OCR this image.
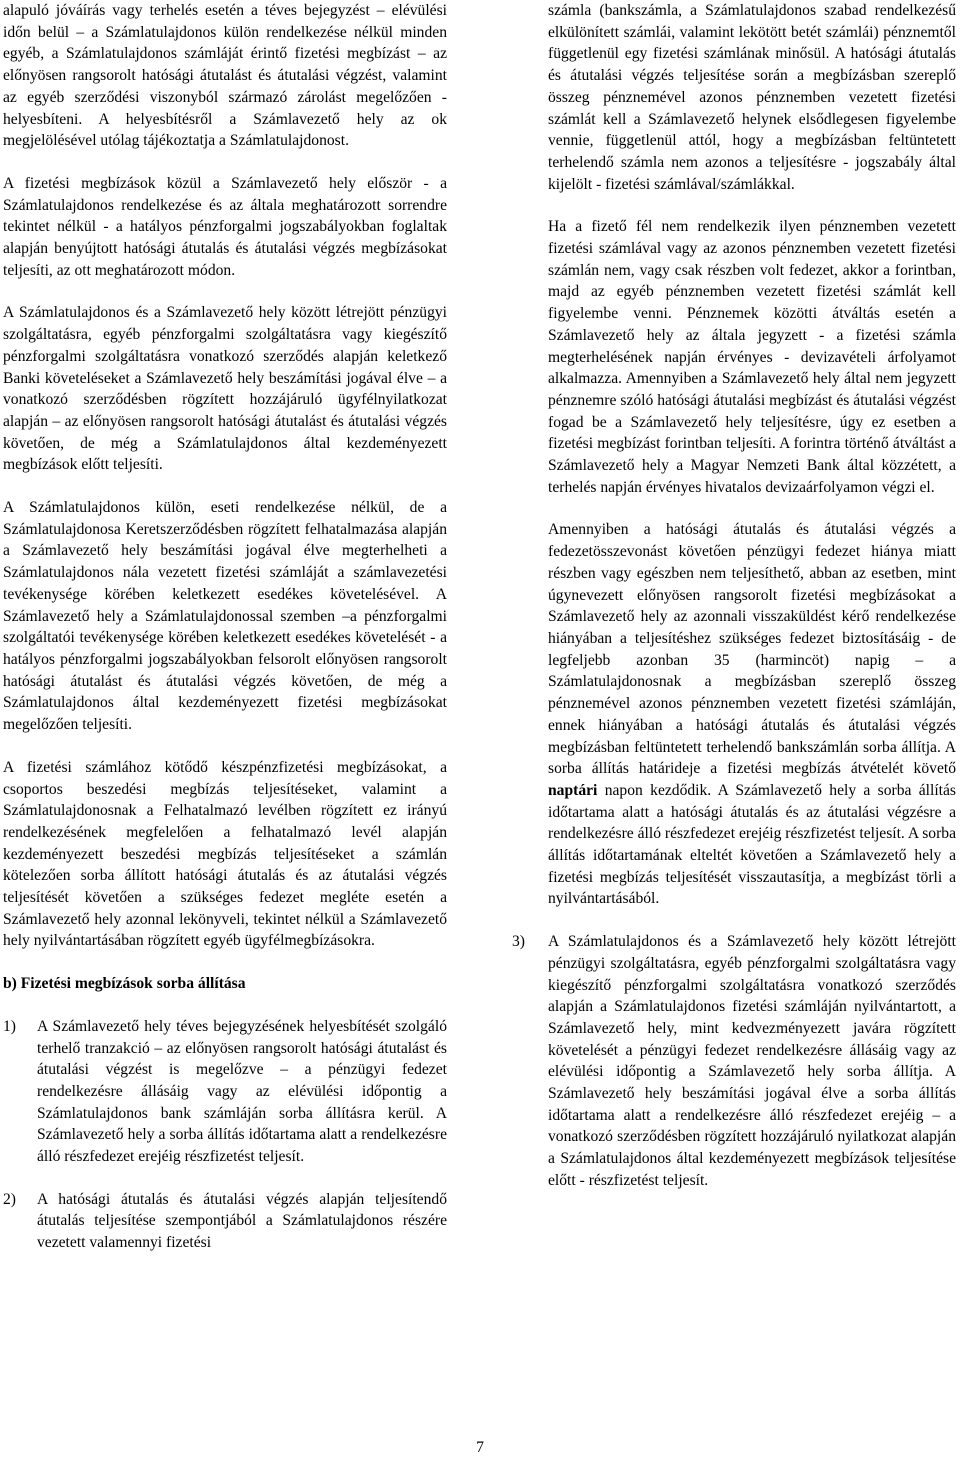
alapuló jóváírás vagy terhelés esetén a téves bejegyzést – elévülési időn belül – a Számlatulajdonos külön rendelkezése nélkül minden egyéb, a Számlatulajdonos számláját érintő fizetési megbízást – az előnyösen rangsorolt hatósági átutalást és átutalási végzést, valamint az egyéb szerződési viszonyból származó zárolást megelőzően - helyesbíteni. A helyesbítésről a Számlavezető hely az ok megjelölésével utólag tájékoztatja a Számlatulajdonost.

A fizetési megbízások közül a Számlavezető hely először - a Számlatulajdonos rendelkezése és az általa meghatározott sorrendre tekintet nélkül - a hatályos pénzforgalmi jogszabályokban foglaltak alapján benyújtott hatósági átutalás és átutalási végzés megbízásokat teljesíti, az ott meghatározott módon.

A Számlatulajdonos és a Számlavezető hely között létrejött pénzügyi szolgáltatásra, egyéb pénzforgalmi szolgáltatásra vagy kiegészítő pénzforgalmi szolgáltatásra vonatkozó szerződés alapján keletkező Banki követeléseket a Számlavezető hely beszámítási jogával élve – a vonatkozó szerződésben rögzített hozzájáruló ügyfélnyilatkozat alapján – az előnyösen rangsorolt hatósági átutalást és átutalási végzés követően, de még a Számlatulajdonos által kezdeményezett megbízások előtt teljesíti.

A Számlatulajdonos külön, eseti rendelkezése nélkül, de a Számlatulajdonosa Keretszerződésben rögzített felhatalmazása alapján a Számlavezető hely beszámítási jogával élve megterhelheti a Számlatulajdonos nála vezetett fizetési számláját a számlavezetési tevékenysége körében keletkezett esedékes követelésével. A Számlavezető hely a Számlatulajdonossal szemben –a pénzforgalmi szolgáltatói tevékenysége körében keletkezett esedékes követelését - a hatályos pénzforgalmi jogszabályokban felsorolt előnyösen rangsorolt hatósági átutalást és átutalási végzés követően, de még a Számlatulajdonos által kezdeményezett fizetési megbízásokat megelőzően teljesíti.

A fizetési számlához kötődő készpénzfizetési megbízásokat, a csoportos beszedési megbízás teljesítéseket, valamint a Számlatulajdonosnak a Felhatalmazó levélben rögzített ez irányú rendelkezésének megfelelően a felhatalmazó levél alapján kezdeményezett beszedési megbízás teljesítéseket a számlán kötelezően sorba állított hatósági átutalás és az átutalási végzés teljesítését követően a szükséges fedezet megléte esetén a Számlavezető hely azonnal lekönyveli, tekintet nélkül a Számlavezető hely nyilvántartásában rögzített egyéb ügyfélmegbízásokra.

b) Fizetési megbízások sorba állítása

1) A Számlavezető hely téves bejegyzésének helyesbítését szolgáló terhelő tranzakció – az előnyösen rangsorolt hatósági átutalást és átutalási végzést is megelőzve – a pénzügyi fedezet rendelkezésre állásáig vagy az elévülési időpontig a Számlatulajdonos bank számláján sorba állításra kerül. A Számlavezető hely a sorba állítás időtartama alatt a rendelkezésre álló részfedezet erejéig részfizetést teljesít.

2) A hatósági átutalás és átutalási végzés alapján teljesítendő átutalás teljesítése szempontjából a Számlatulajdonos részére vezetett valamennyi fizetési

számla (bankszámla, a Számlatulajdonos szabad rendelkezésű elkülönített számlái, valamint lekötött betét számlái) pénznemtől függetlenül egy fizetési számlának minősül. A hatósági átutalás és átutalási végzés teljesítése során a megbízásban szereplő összeg pénznemével azonos pénznemben vezetett fizetési számlát kell a Számlavezető helynek elsődlegesen figyelembe vennie, függetlenül attól, hogy a megbízásban feltüntetett terhelendő számla nem azonos a teljesítésre - jogszabály által kijelölt - fizetési számlával/számlákkal.

Ha a fizető fél nem rendelkezik ilyen pénznemben vezetett fizetési számlával vagy az azonos pénznemben vezetett fizetési számlán nem, vagy csak részben volt fedezet, akkor a forintban, majd az egyéb pénznemben vezetett fizetési számlát kell figyelembe venni. Pénznemek közötti átváltás esetén a Számlavezető hely az általa jegyzett - a fizetési számla megterhelésének napján érvényes - devizavételi árfolyamot alkalmazza. Amennyiben a Számlavezető hely által nem jegyzett pénznemre szóló hatósági átutalási megbízást és átutalási végzést fogad be a Számlavezető hely teljesítésre, úgy ez esetben a fizetési megbízást forintban teljesíti. A forintra történő átváltást a Számlavezető hely a Magyar Nemzeti Bank által közzétett, a terhelés napján érvényes hivatalos devizaárfolyamon végzi el.

Amennyiben a hatósági átutalás és átutalási végzés a fedezetösszevonást követően pénzügyi fedezet hiánya miatt részben vagy egészben nem teljesíthető, abban az esetben, mint úgynevezett előnyösen rangsorolt fizetési megbízásokat a Számlavezető hely az azonnali visszaküldést kérő rendelkezése hiányában a teljesítéshez szükséges fedezet biztosításáig - de legfeljebb azonban 35 (harmincöt) napig – a Számlatulajdonosnak a megbízásban szereplő összeg pénznemével azonos pénznemben vezetett fizetési számláján, ennek hiányában a hatósági átutalás és átutalási végzés megbízásban feltüntetett terhelendő bankszámlán sorba állítja. A sorba állítás határideje a fizetési megbízás átvételét követő naptári napon kezdődik. A Számlavezető hely a sorba állítás időtartama alatt a hatósági átutalás és az átutalási végzésre a rendelkezésre álló részfedezet erejéig részfizetést teljesít. A sorba állítás időtartamának elteltét követően a Számlavezető hely a fizetési megbízás teljesítését visszautasítja, a megbízást törli a nyilvántartásából.

3) A Számlatulajdonos és a Számlavezető hely között létrejött pénzügyi szolgáltatásra, egyéb pénzforgalmi szolgáltatásra vagy kiegészítő pénzforgalmi szolgáltatásra vonatkozó szerződés alapján a Számlatulajdonos fizetési számláján nyilvántartott, a Számlavezető hely, mint kedvezményezett javára rögzített követelését a pénzügyi fedezet rendelkezésre állásáig vagy az elévülési időpontig a Számlavezető hely sorba állítja. A Számlavezető hely beszámítási jogával élve a sorba állítás időtartama alatt a rendelkezésre álló részfedezet erejéig – a vonatkozó szerződésben rögzített hozzájáruló nyilatkozat alapján a Számlatulajdonos által kezdeményezett megbízások teljesítése előtt - részfizetést teljesít.

7
